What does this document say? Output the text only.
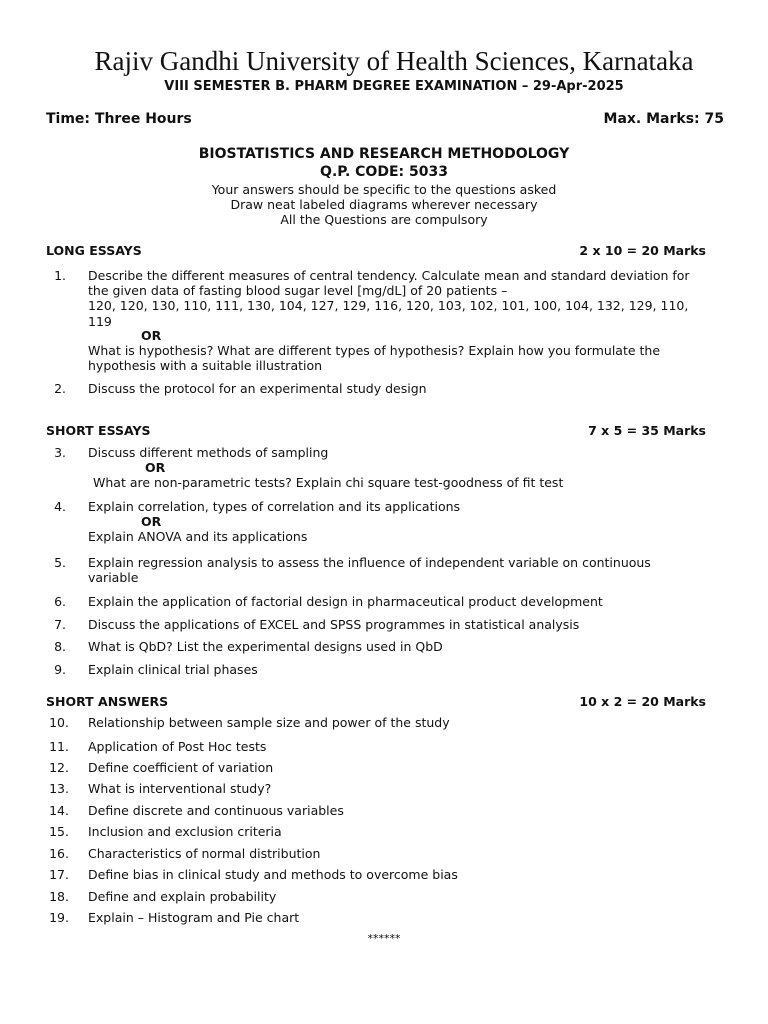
Rajiv Gandhi University of Health Sciences, Karnataka
VIII SEMESTER B. PHARM DEGREE EXAMINATION – 29-Apr-2025
Time: Three Hours	Max. Marks: 75
BIOSTATISTICS AND RESEARCH METHODOLOGY
Q.P. CODE: 5033
Your answers should be specific to the questions asked
Draw neat labeled diagrams wherever necessary
All the Questions are compulsory
LONG ESSAYS	2 x 10 = 20 Marks
1. Describe the different measures of central tendency. Calculate mean and standard deviation for
the given data of fasting blood sugar level [mg/dL] of 20 patients –
120, 120, 130, 110, 111, 130, 104, 127, 129, 116, 120, 103, 102, 101, 100, 104, 132, 129, 110,
119
OR
What is hypothesis? What are different types of hypothesis? Explain how you formulate the
hypothesis with a suitable illustration
2. Discuss the protocol for an experimental study design
SHORT ESSAYS	7 x 5 = 35 Marks
3. Discuss different methods of sampling
OR
What are non-parametric tests? Explain chi square test-goodness of fit test
4. Explain correlation, types of correlation and its applications
OR
Explain ANOVA and its applications
5. Explain regression analysis to assess the influence of independent variable on continuous
variable
6. Explain the application of factorial design in pharmaceutical product development
7. Discuss the applications of EXCEL and SPSS programmes in statistical analysis
8. What is QbD? List the experimental designs used in QbD
9. Explain clinical trial phases
SHORT ANSWERS	10 x 2 = 20 Marks
10. Relationship between sample size and power of the study
11. Application of Post Hoc tests
12. Define coefficient of variation
13. What is interventional study?
14. Define discrete and continuous variables
15. Inclusion and exclusion criteria
16. Characteristics of normal distribution
17. Define bias in clinical study and methods to overcome bias
18. Define and explain probability
19. Explain – Histogram and Pie chart
******
